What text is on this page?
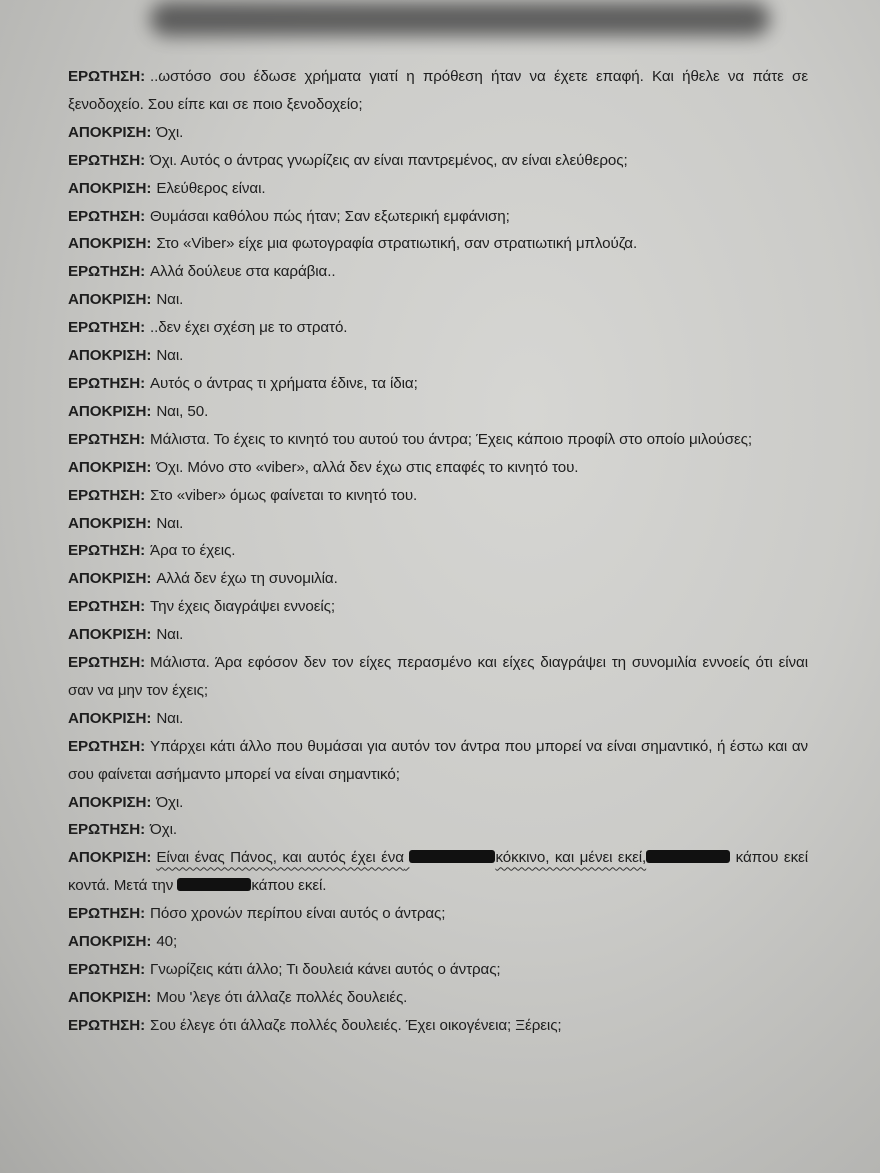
ΕΡΩΤΗΣΗ: ..ωστόσο σου έδωσε χρήματα γιατί η πρόθεση ήταν να έχετε επαφή. Και ήθελε να πάτε σε ξενοδοχείο. Σου είπε και σε ποιο ξενοδοχείο;
ΑΠΟΚΡΙΣΗ: Όχι.
ΕΡΩΤΗΣΗ: Όχι. Αυτός ο άντρας γνωρίζεις αν είναι παντρεμένος, αν είναι ελεύθερος;
ΑΠΟΚΡΙΣΗ: Ελεύθερος είναι.
ΕΡΩΤΗΣΗ: Θυμάσαι καθόλου πώς ήταν; Σαν εξωτερική εμφάνιση;
ΑΠΟΚΡΙΣΗ: Στο «Viber» είχε μια φωτογραφία στρατιωτική, σαν στρατιωτική μπλούζα.
ΕΡΩΤΗΣΗ: Αλλά δούλευε στα καράβια..
ΑΠΟΚΡΙΣΗ: Ναι.
ΕΡΩΤΗΣΗ: ..δεν έχει σχέση με το στρατό.
ΑΠΟΚΡΙΣΗ: Ναι.
ΕΡΩΤΗΣΗ: Αυτός ο άντρας τι χρήματα έδινε, τα ίδια;
ΑΠΟΚΡΙΣΗ: Ναι, 50.
ΕΡΩΤΗΣΗ: Μάλιστα. Το έχεις το κινητό του αυτού του άντρα; Έχεις κάποιο προφίλ στο οποίο μιλούσες;
ΑΠΟΚΡΙΣΗ: Όχι. Μόνο στο «viber», αλλά δεν έχω στις επαφές το κινητό του.
ΕΡΩΤΗΣΗ: Στο «viber» όμως φαίνεται το κινητό του.
ΑΠΟΚΡΙΣΗ: Ναι.
ΕΡΩΤΗΣΗ: Άρα το έχεις.
ΑΠΟΚΡΙΣΗ: Αλλά δεν έχω τη συνομιλία.
ΕΡΩΤΗΣΗ: Την έχεις διαγράψει εννοείς;
ΑΠΟΚΡΙΣΗ: Ναι.
ΕΡΩΤΗΣΗ: Μάλιστα. Άρα εφόσον δεν τον είχες περασμένο και είχες διαγράψει τη συνομιλία εννοείς ότι είναι σαν να μην τον έχεις;
ΑΠΟΚΡΙΣΗ: Ναι.
ΕΡΩΤΗΣΗ: Υπάρχει κάτι άλλο που θυμάσαι για αυτόν τον άντρα που μπορεί να είναι σημαντικό, ή έστω και αν σου φαίνεται ασήμαντο μπορεί να είναι σημαντικό;
ΑΠΟΚΡΙΣΗ: Όχι.
ΕΡΩΤΗΣΗ: Όχι.
ΑΠΟΚΡΙΣΗ: Είναι ένας Πάνος, και αυτός έχει ένα	κόκκινο, και μένει εκεί,	κάπου εκεί κοντά. Μετά την	κάπου εκεί.
ΕΡΩΤΗΣΗ: Πόσο χρονών περίπου είναι αυτός ο άντρας;
ΑΠΟΚΡΙΣΗ: 40;
ΕΡΩΤΗΣΗ: Γνωρίζεις κάτι άλλο; Τι δουλειά κάνει αυτός ο άντρας;
ΑΠΟΚΡΙΣΗ: Μου 'λεγε ότι άλλαζε πολλές δουλειές.
ΕΡΩΤΗΣΗ: Σου έλεγε ότι άλλαζε πολλές δουλειές. Έχει οικογένεια; Ξέρεις;
